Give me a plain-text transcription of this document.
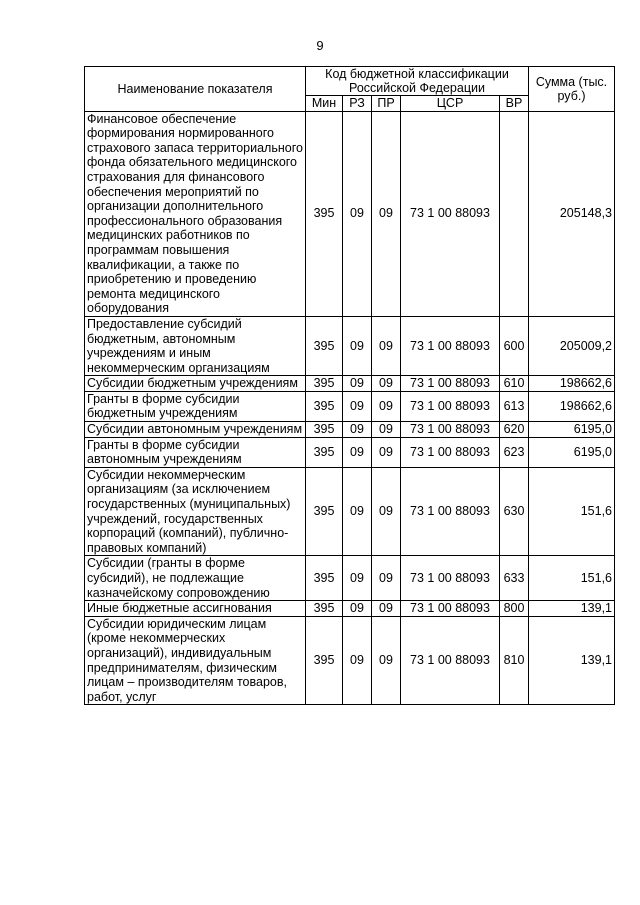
9
Наименование показателя	Код бюджетной классификации Российской Федерации					Сумма (тыс. руб.)
	Мин	РЗ	ПР	ЦСР	ВР	
Финансовое обеспечение формирования нормированного страхового запаса территориального фонда обязательного медицинского страхования для финансового обеспечения мероприятий по организации дополнительного профессионального образования медицинских работников по программам повышения квалификации, а также по приобретению и проведению ремонта медицинского оборудования	395	09	09	73 1 00 88093		205148,3
Предоставление субсидий бюджетным, автономным учреждениям и иным некоммерческим организациям	395	09	09	73 1 00 88093	600	205009,2
Субсидии бюджетным учреждениям	395	09	09	73 1 00 88093	610	198662,6
Гранты в форме субсидии бюджетным учреждениям	395	09	09	73 1 00 88093	613	198662,6
Субсидии автономным учреждениям	395	09	09	73 1 00 88093	620	6195,0
Гранты в форме субсидии автономным учреждениям	395	09	09	73 1 00 88093	623	6195,0
Субсидии некоммерческим организациям (за исключением государственных (муниципальных) учреждений, государственных корпораций (компаний), публично-правовых компаний)	395	09	09	73 1 00 88093	630	151,6
Субсидии (гранты в форме субсидий), не подлежащие казначейскому сопровождению	395	09	09	73 1 00 88093	633	151,6
Иные бюджетные ассигнования	395	09	09	73 1 00 88093	800	139,1
Субсидии юридическим лицам (кроме некоммерческих организаций), индивидуальным предпринимателям, физическим лицам – производителям товаров, работ, услуг	395	09	09	73 1 00 88093	810	139,1
